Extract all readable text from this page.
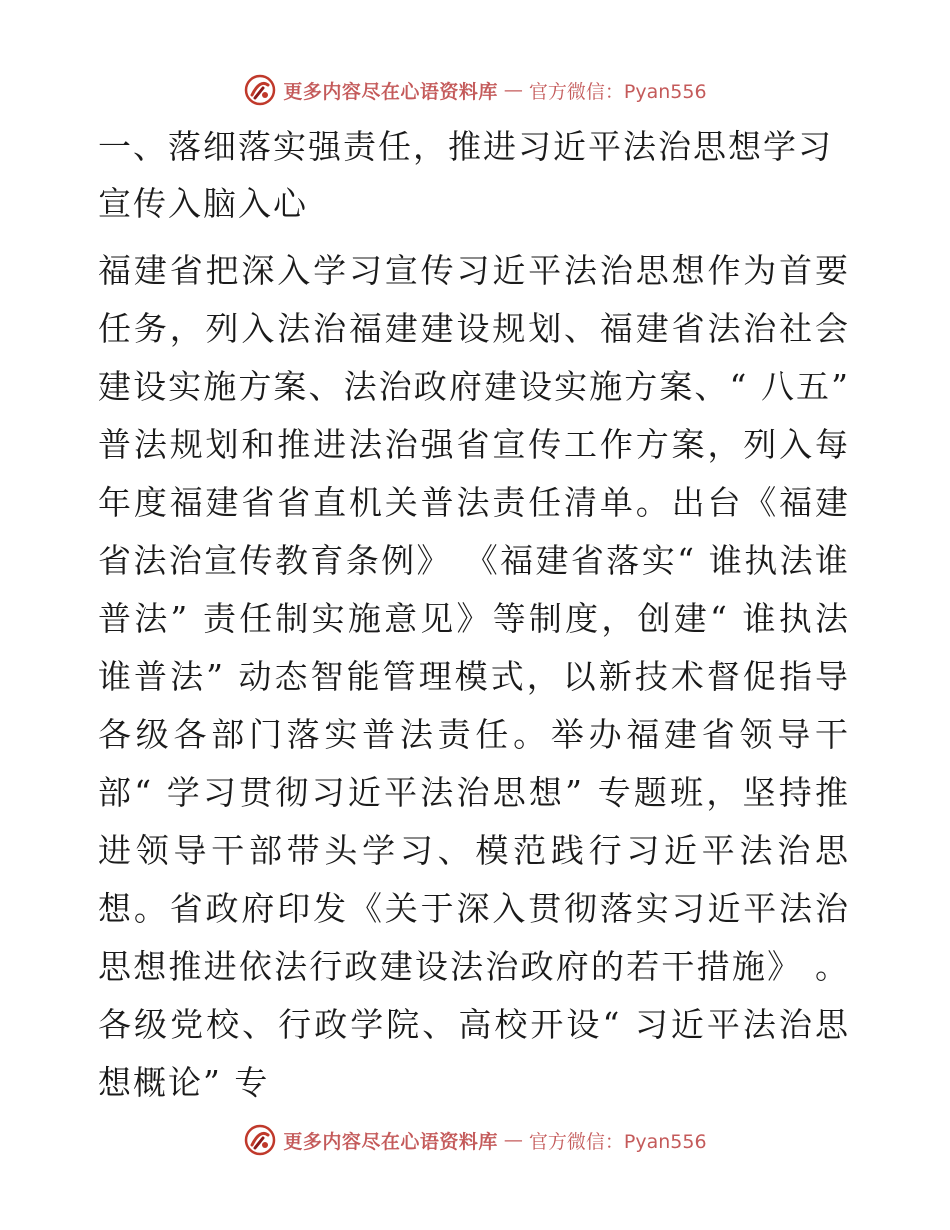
更多内容尽在心语资料库 — 官方微信：Pyan556
一、落细落实强责任，推进习近平法治思想学习宣传入脑入心

福建省把深入学习宣传习近平法治思想作为首要任务，列入法治福建建设规划、福建省法治社会建设实施方案、法治政府建设实施方案、“ 八五” 普法规划和推进法治强省宣传工作方案，列入每年度福建省省直机关普法责任清单。出台《福建省法治宣传教育条例》 《福建省落实“ 谁执法谁普法” 责任制实施意见》等制度，创建“ 谁执法谁普法” 动态智能管理模式，以新技术督促指导各级各部门落实普法责任。举办福建省领导干部“ 学习贯彻习近平法治思想” 专题班，坚持推进领导干部带头学习、模范践行习近平法治思想。省政府印发《关于深入贯彻落实习近平法治思想推进依法行政建设法治政府的若干措施》 。各级党校、行政学院、高校开设“ 习近平法治思想概论” 专

更多内容尽在心语资料库 — 官方微信：Pyan556
